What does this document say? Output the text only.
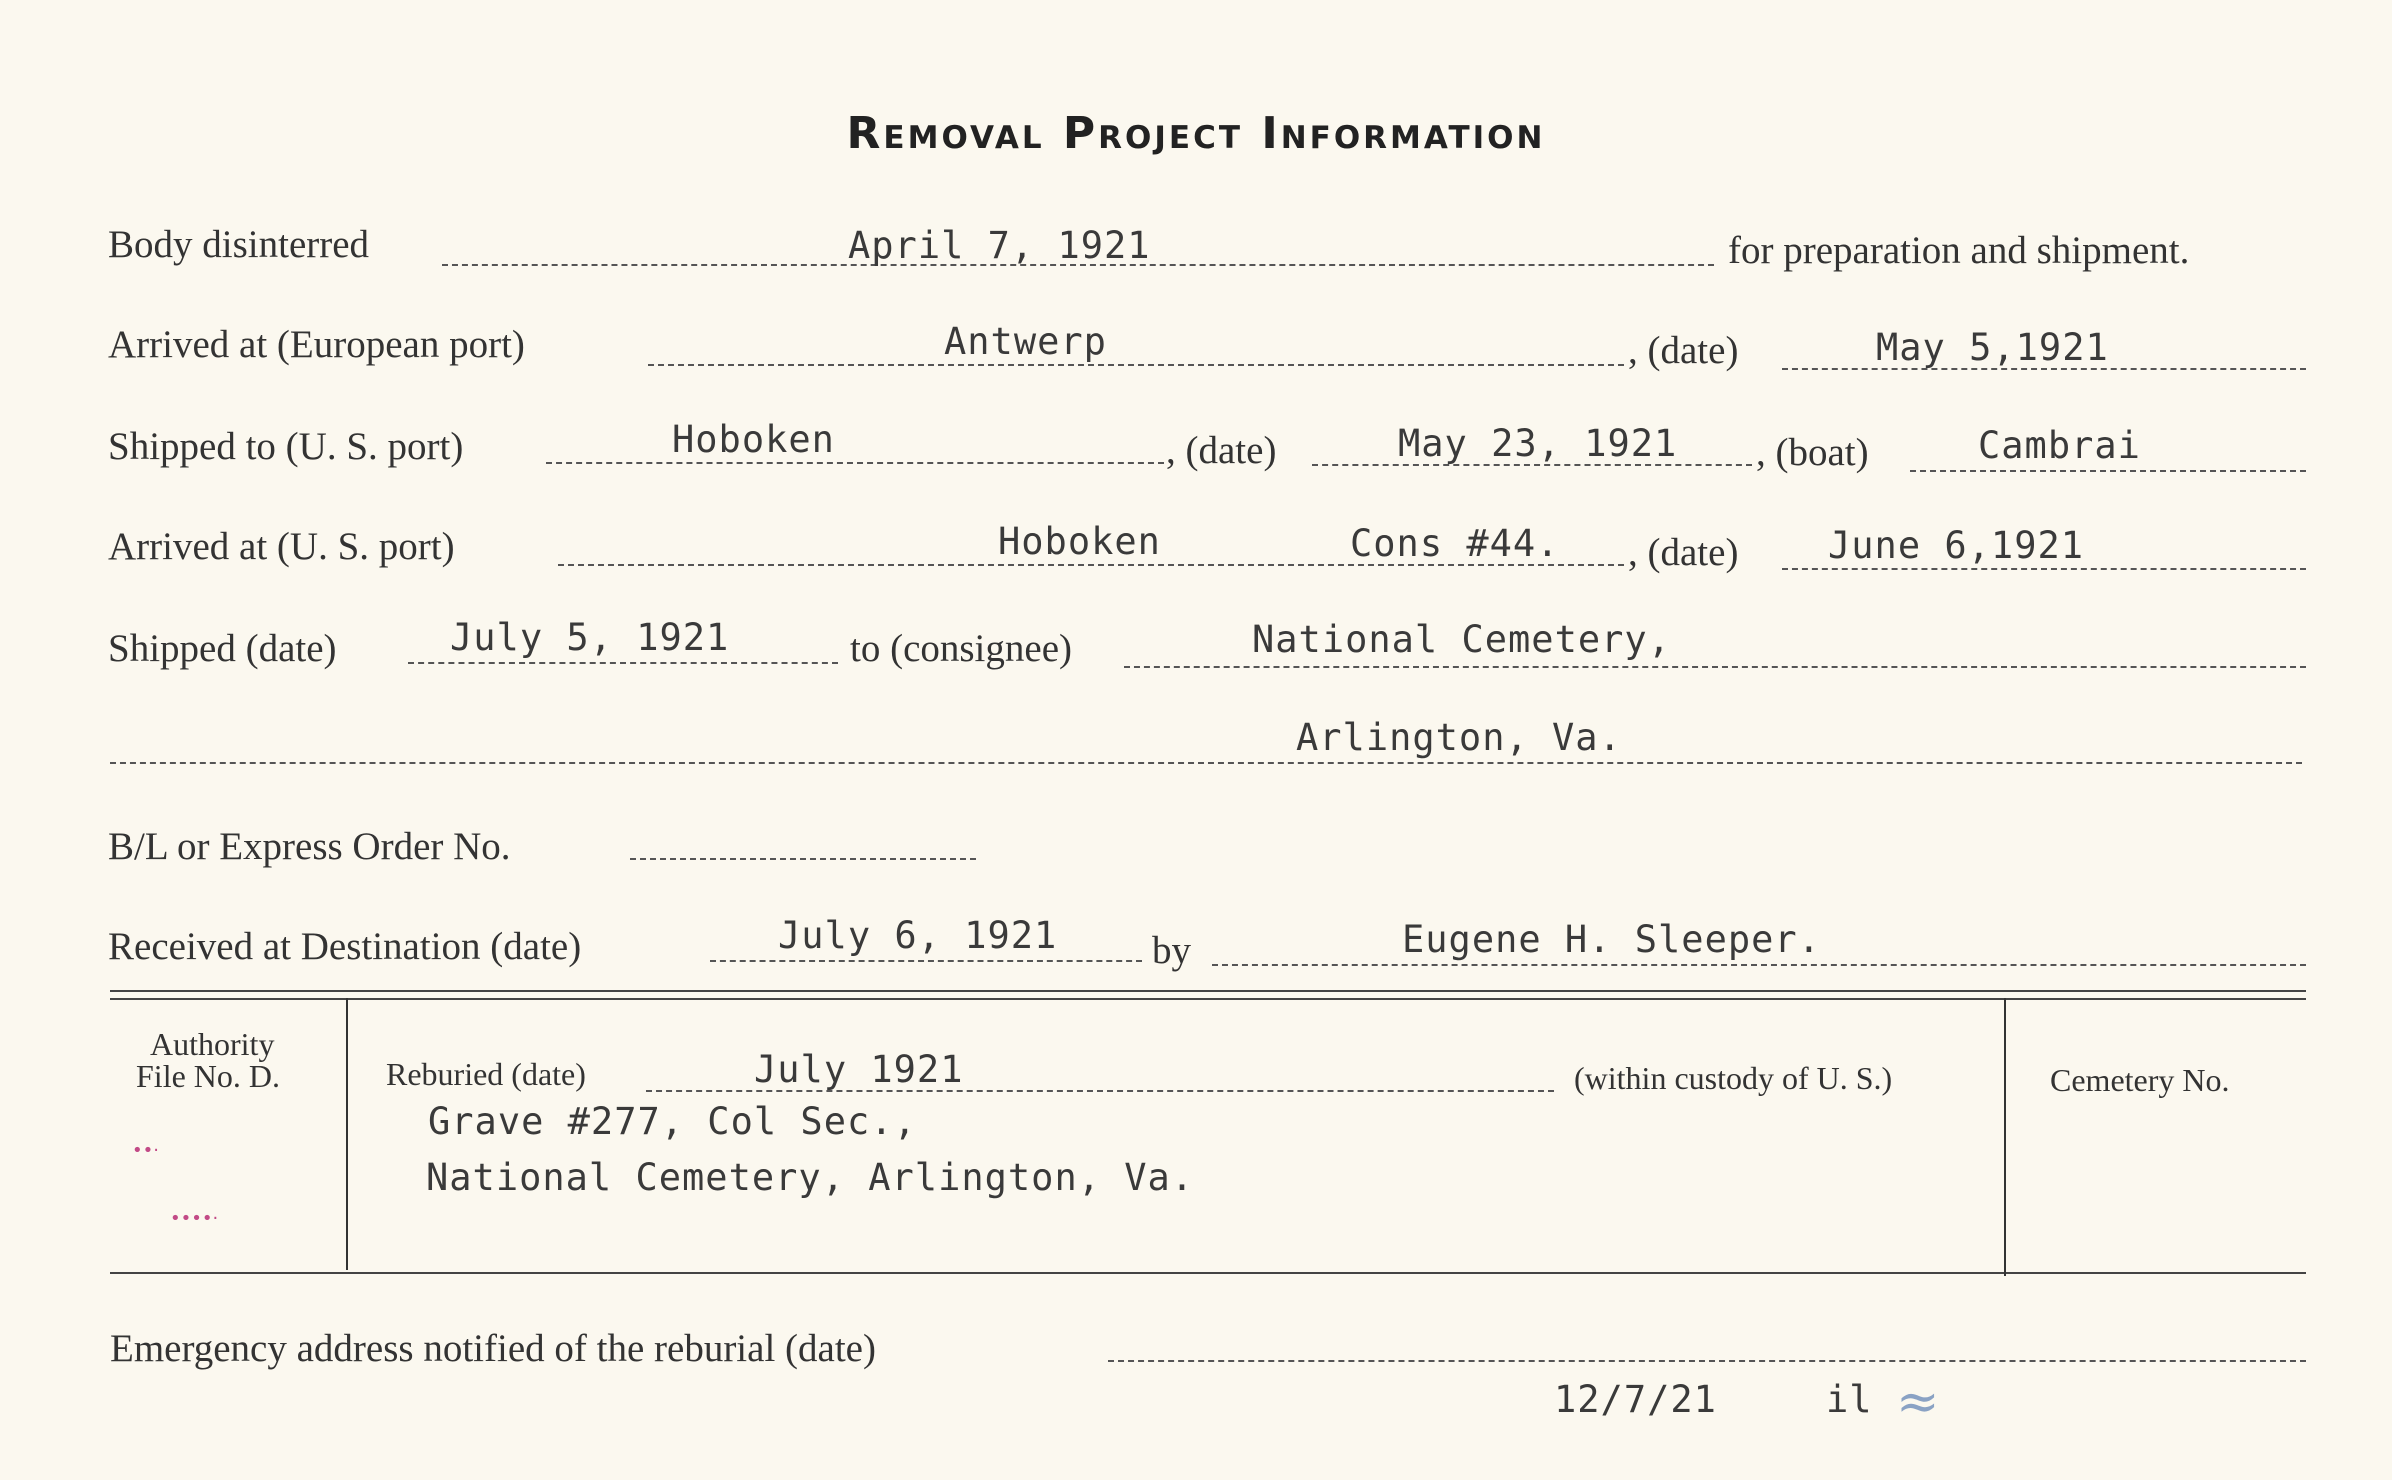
Removal Project Information
Body disinterred	April 7, 1921	for preparation and shipment.
Arrived at (European port)	Antwerp	, (date)	May 5,1921
Shipped to (U. S. port)	Hoboken	, (date)	May 23, 1921 , (boat)	Cambrai
Arrived at (U. S. port)	Hoboken	Cons #44. , (date) June 6,1921
Shipped (date)	July 5, 1921	to (consignee)	National Cemetery,
Arlington, Va.
B/L or Express Order No.
Received at Destination (date)	July 6, 1921 by	Eugene H. Sleeper.
Authority
File No. D.
••·
••••·
Reburied (date)	July 1921	(within custody of U. S.)
Grave #277, Col Sec.,
National Cemetery, Arlington, Va.
Cemetery No.
Emergency address notified of the reburial (date)
12/7/21	il ≈
